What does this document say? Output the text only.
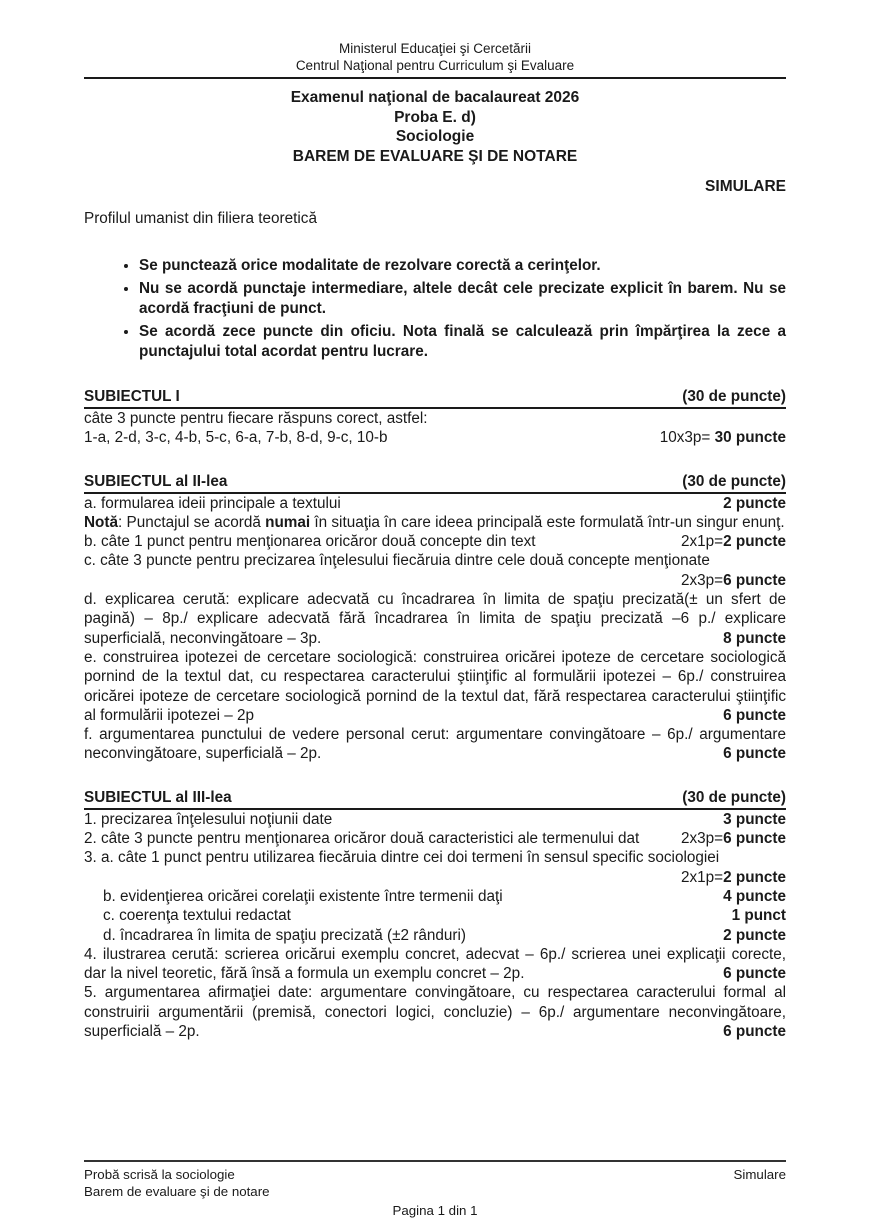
Ministerul Educaţiei şi Cercetării
Centrul Naţional pentru Curriculum şi Evaluare
Examenul naţional de bacalaureat 2026
Proba E. d)
Sociologie
BAREM DE EVALUARE ŞI DE NOTARE
SIMULARE
Profilul umanist din filiera teoretică
• Se punctează orice modalitate de rezolvare corectă a cerinţelor.
• Nu se acordă punctaje intermediare, altele decât cele precizate explicit în barem. Nu se acordă fracţiuni de punct.
• Se acordă zece puncte din oficiu. Nota finală se calculează prin împărţirea la zece a punctajului total acordat pentru lucrare.
SUBIECTUL I	(30 de puncte)
câte 3 puncte pentru fiecare răspuns corect, astfel:
1-a, 2-d, 3-c, 4-b, 5-c, 6-a, 7-b, 8-d, 9-c, 10-b	10x3p= 30 puncte
SUBIECTUL al II-lea	(30 de puncte)
a. formularea ideii principale a textului	2 puncte
Notă: Punctajul se acordă numai în situaţia în care ideea principală este formulată într-un singur enunţ.
b. câte 1 punct pentru menţionarea oricăror două concepte din text	2x1p=2 puncte
c. câte 3 puncte pentru precizarea înţelesului fiecăruia dintre cele două concepte menţionate
2x3p=6 puncte
d. explicarea cerută: explicare adecvată cu încadrarea în limita de spaţiu precizată(± un sfert de pagină) – 8p./ explicare adecvată fără încadrarea în limita de spaţiu precizată –6 p./ explicare superficială, neconvingătoare – 3p.	8 puncte
e. construirea ipotezei de cercetare sociologică: construirea oricărei ipoteze de cercetare sociologică pornind de la textul dat, cu respectarea caracterului ştiinţific al formulării ipotezei – 6p./ construirea oricărei ipoteze de cercetare sociologică pornind de la textul dat, fără respectarea caracterului ştiinţific al formulării ipotezei – 2p	6 puncte
f. argumentarea punctului de vedere personal cerut: argumentare convingătoare – 6p./ argumentare neconvingătoare, superficială – 2p.	6 puncte
SUBIECTUL al III-lea	(30 de puncte)
1. precizarea înţelesului noţiunii date	3 puncte
2. câte 3 puncte pentru menţionarea oricăror două caracteristici ale termenului dat	2x3p=6 puncte
3. a. câte 1 punct pentru utilizarea fiecăruia dintre cei doi termeni în sensul specific sociologiei
2x1p=2 puncte
b. evidenţierea oricărei corelaţii existente între termenii daţi	4 puncte
c. coerenţa textului redactat	1 punct
d. încadrarea în limita de spaţiu precizată (±2 rânduri)	2 puncte
4. ilustrarea cerută: scrierea oricărui exemplu concret, adecvat – 6p./ scrierea unei explicaţii corecte, dar la nivel teoretic, fără însă a formula un exemplu concret – 2p.	6 puncte
5. argumentarea afirmaţiei date: argumentare convingătoare, cu respectarea caracterului formal al construirii argumentării (premisă, conectori logici, concluzie) – 6p./ argumentare neconvingătoare, superficială – 2p.	6 puncte
Probă scrisă la sociologie
Barem de evaluare şi de notare
Simulare
Pagina 1 din 1
